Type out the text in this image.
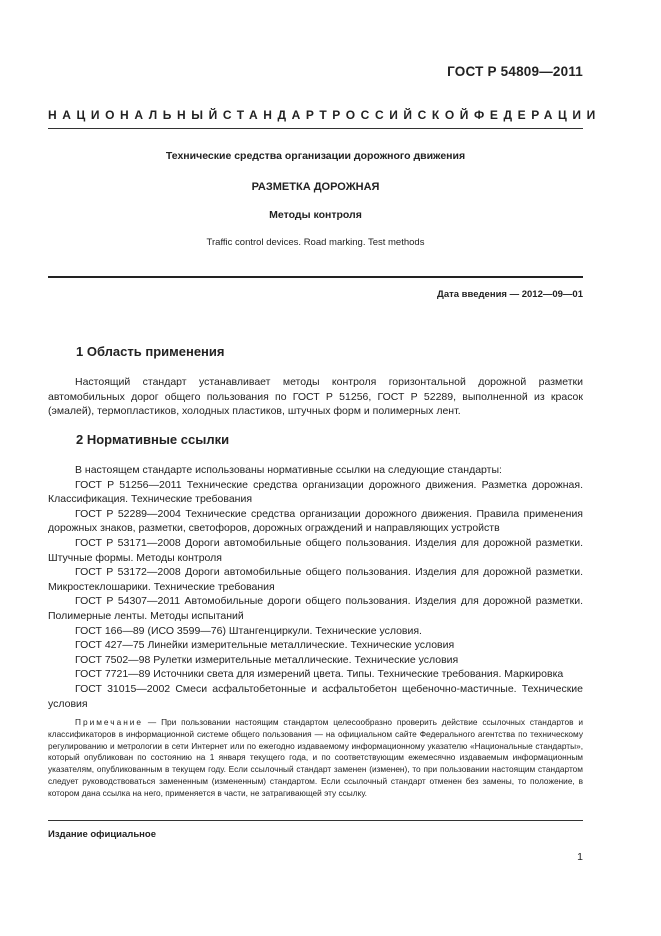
ГОСТ Р 54809—2011
НАЦИОНАЛЬНЫЙ СТАНДАРТ РОССИЙСКОЙ ФЕДЕРАЦИИ
Технические средства организации дорожного движения
РАЗМЕТКА ДОРОЖНАЯ
Методы контроля
Traffic control devices. Road marking. Test methods
Дата введения — 2012—09—01
1 Область применения

Настоящий стандарт устанавливает методы контроля горизонтальной дорожной разметки автомобильных дорог общего пользования по ГОСТ Р 51256, ГОСТ Р 52289, выполненной из красок (эмалей), термопластиков, холодных пластиков, штучных форм и полимерных лент.

2 Нормативные ссылки

В настоящем стандарте использованы нормативные ссылки на следующие стандарты:

ГОСТ Р 51256—2011 Технические средства организации дорожного движения. Разметка дорожная. Классификация. Технические требования

ГОСТ Р 52289—2004 Технические средства организации дорожного движения. Правила применения дорожных знаков, разметки, светофоров, дорожных ограждений и направляющих устройств

ГОСТ Р 53171—2008 Дороги автомобильные общего пользования. Изделия для дорожной разметки. Штучные формы. Методы контроля

ГОСТ Р 53172—2008 Дороги автомобильные общего пользования. Изделия для дорожной разметки. Микростеклошарики. Технические требования

ГОСТ Р 54307—2011 Автомобильные дороги общего пользования. Изделия для дорожной разметки. Полимерные ленты. Методы испытаний

ГОСТ 166—89 (ИСО 3599—76) Штангенциркули. Технические условия.

ГОСТ 427—75 Линейки измерительные металлические. Технические условия

ГОСТ 7502—98 Рулетки измерительные металлические. Технические условия

ГОСТ 7721—89 Источники света для измерений цвета. Типы. Технические требования. Маркировка

ГОСТ 31015—2002 Смеси асфальтобетонные и асфальтобетон щебеночно-мастичные. Технические условия

Примечание — При пользовании настоящим стандартом целесообразно проверить действие ссылочных стандартов и классификаторов в информационной системе общего пользования — на официальном сайте Федерального агентства по техническому регулированию и метрологии в сети Интернет или по ежегодно издаваемому информационному указателю «Национальные стандарты», который опубликован по состоянию на 1 января текущего года, и по соответствующим ежемесячно издаваемым информационным указателям, опубликованным в текущем году. Если ссылочный стандарт заменен (изменен), то при пользовании настоящим стандартом следует руководствоваться замененным (измененным) стандартом. Если ссылочный стандарт отменен без замены, то положение, в котором дана ссылка на него, применяется в части, не затрагивающей эту ссылку.

Издание официальное
1
